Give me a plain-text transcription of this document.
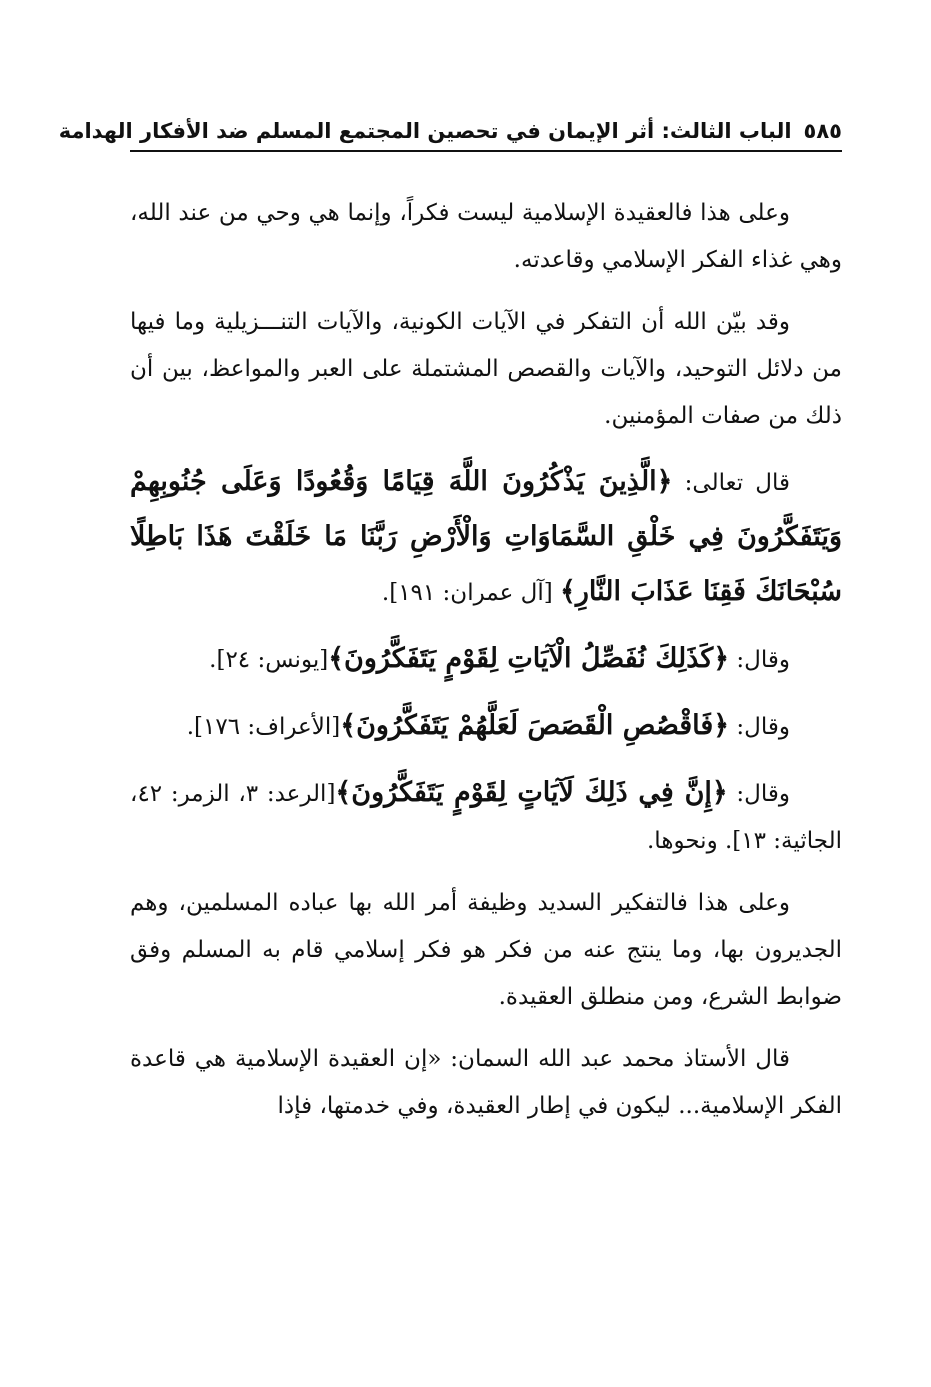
٥٨٥
الباب الثالث: أثر الإيمان في تحصين المجتمع المسلم ضد الأفكار الهدامة

وعلى هذا فالعقيدة الإسلامية ليست فكراً، وإنما هي وحي من عند الله، وهي غذاء الفكر الإسلامي وقاعدته.

وقد بيّن الله أن التفكر في الآيات الكونية، والآيات التنـــزيلية وما فيها من دلائل التوحيد، والآيات والقصص المشتملة على العبر والمواعظ، بين أن ذلك من صفات المؤمنين.

قال تعالى: ﴿الَّذِينَ يَذْكُرُونَ اللَّهَ قِيَامًا وَقُعُودًا وَعَلَى جُنُوبِهِمْ وَيَتَفَكَّرُونَ فِي خَلْقِ السَّمَاوَاتِ وَالْأَرْضِ رَبَّنَا مَا خَلَقْتَ هَذَا بَاطِلًا سُبْحَانَكَ فَقِنَا عَذَابَ النَّارِ﴾ [آل عمران: ١٩١].

وقال: ﴿كَذَلِكَ نُفَصِّلُ الْآيَاتِ لِقَوْمٍ يَتَفَكَّرُونَ﴾[يونس: ٢٤].

وقال: ﴿فَاقْصُصِ الْقَصَصَ لَعَلَّهُمْ يَتَفَكَّرُونَ﴾[الأعراف: ١٧٦].

وقال: ﴿إِنَّ فِي ذَلِكَ لَآيَاتٍ لِقَوْمٍ يَتَفَكَّرُونَ﴾[الرعد: ٣، الزمر: ٤٢، الجاثية: ١٣]. ونحوها.

وعلى هذا فالتفكير السديد وظيفة أمر الله بها عباده المسلمين، وهم الجديرون بها، وما ينتج عنه من فكر هو فكر إسلامي قام به المسلم وفق ضوابط الشرع، ومن منطلق العقيدة.

قال الأستاذ محمد عبد الله السمان: «إن العقيدة الإسلامية هي قاعدة الفكر الإسلامية... ليكون في إطار العقيدة، وفي خدمتها، فإذا
